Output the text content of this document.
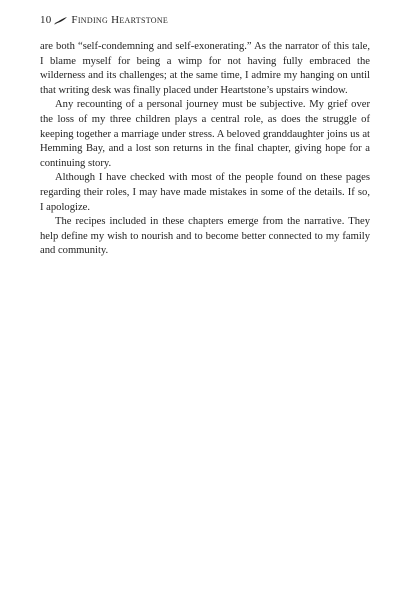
10 Finding Heartstone

are both “self-condemning and self-exonerating.” As the narrator of this tale, I blame myself for being a wimp for not having fully embraced the wilderness and its challenges; at the same time, I admire my hanging on until that writing desk was finally placed under Heartstone’s upstairs window.

Any recounting of a personal journey must be subjective. My grief over the loss of my three children plays a central role, as does the struggle of keeping together a marriage under stress. A beloved granddaughter joins us at Hemming Bay, and a lost son returns in the final chapter, giving hope for a continuing story.

Although I have checked with most of the people found on these pages regarding their roles, I may have made mistakes in some of the details. If so, I apologize.

The recipes included in these chapters emerge from the narrative. They help define my wish to nourish and to become better connected to my family and community.
